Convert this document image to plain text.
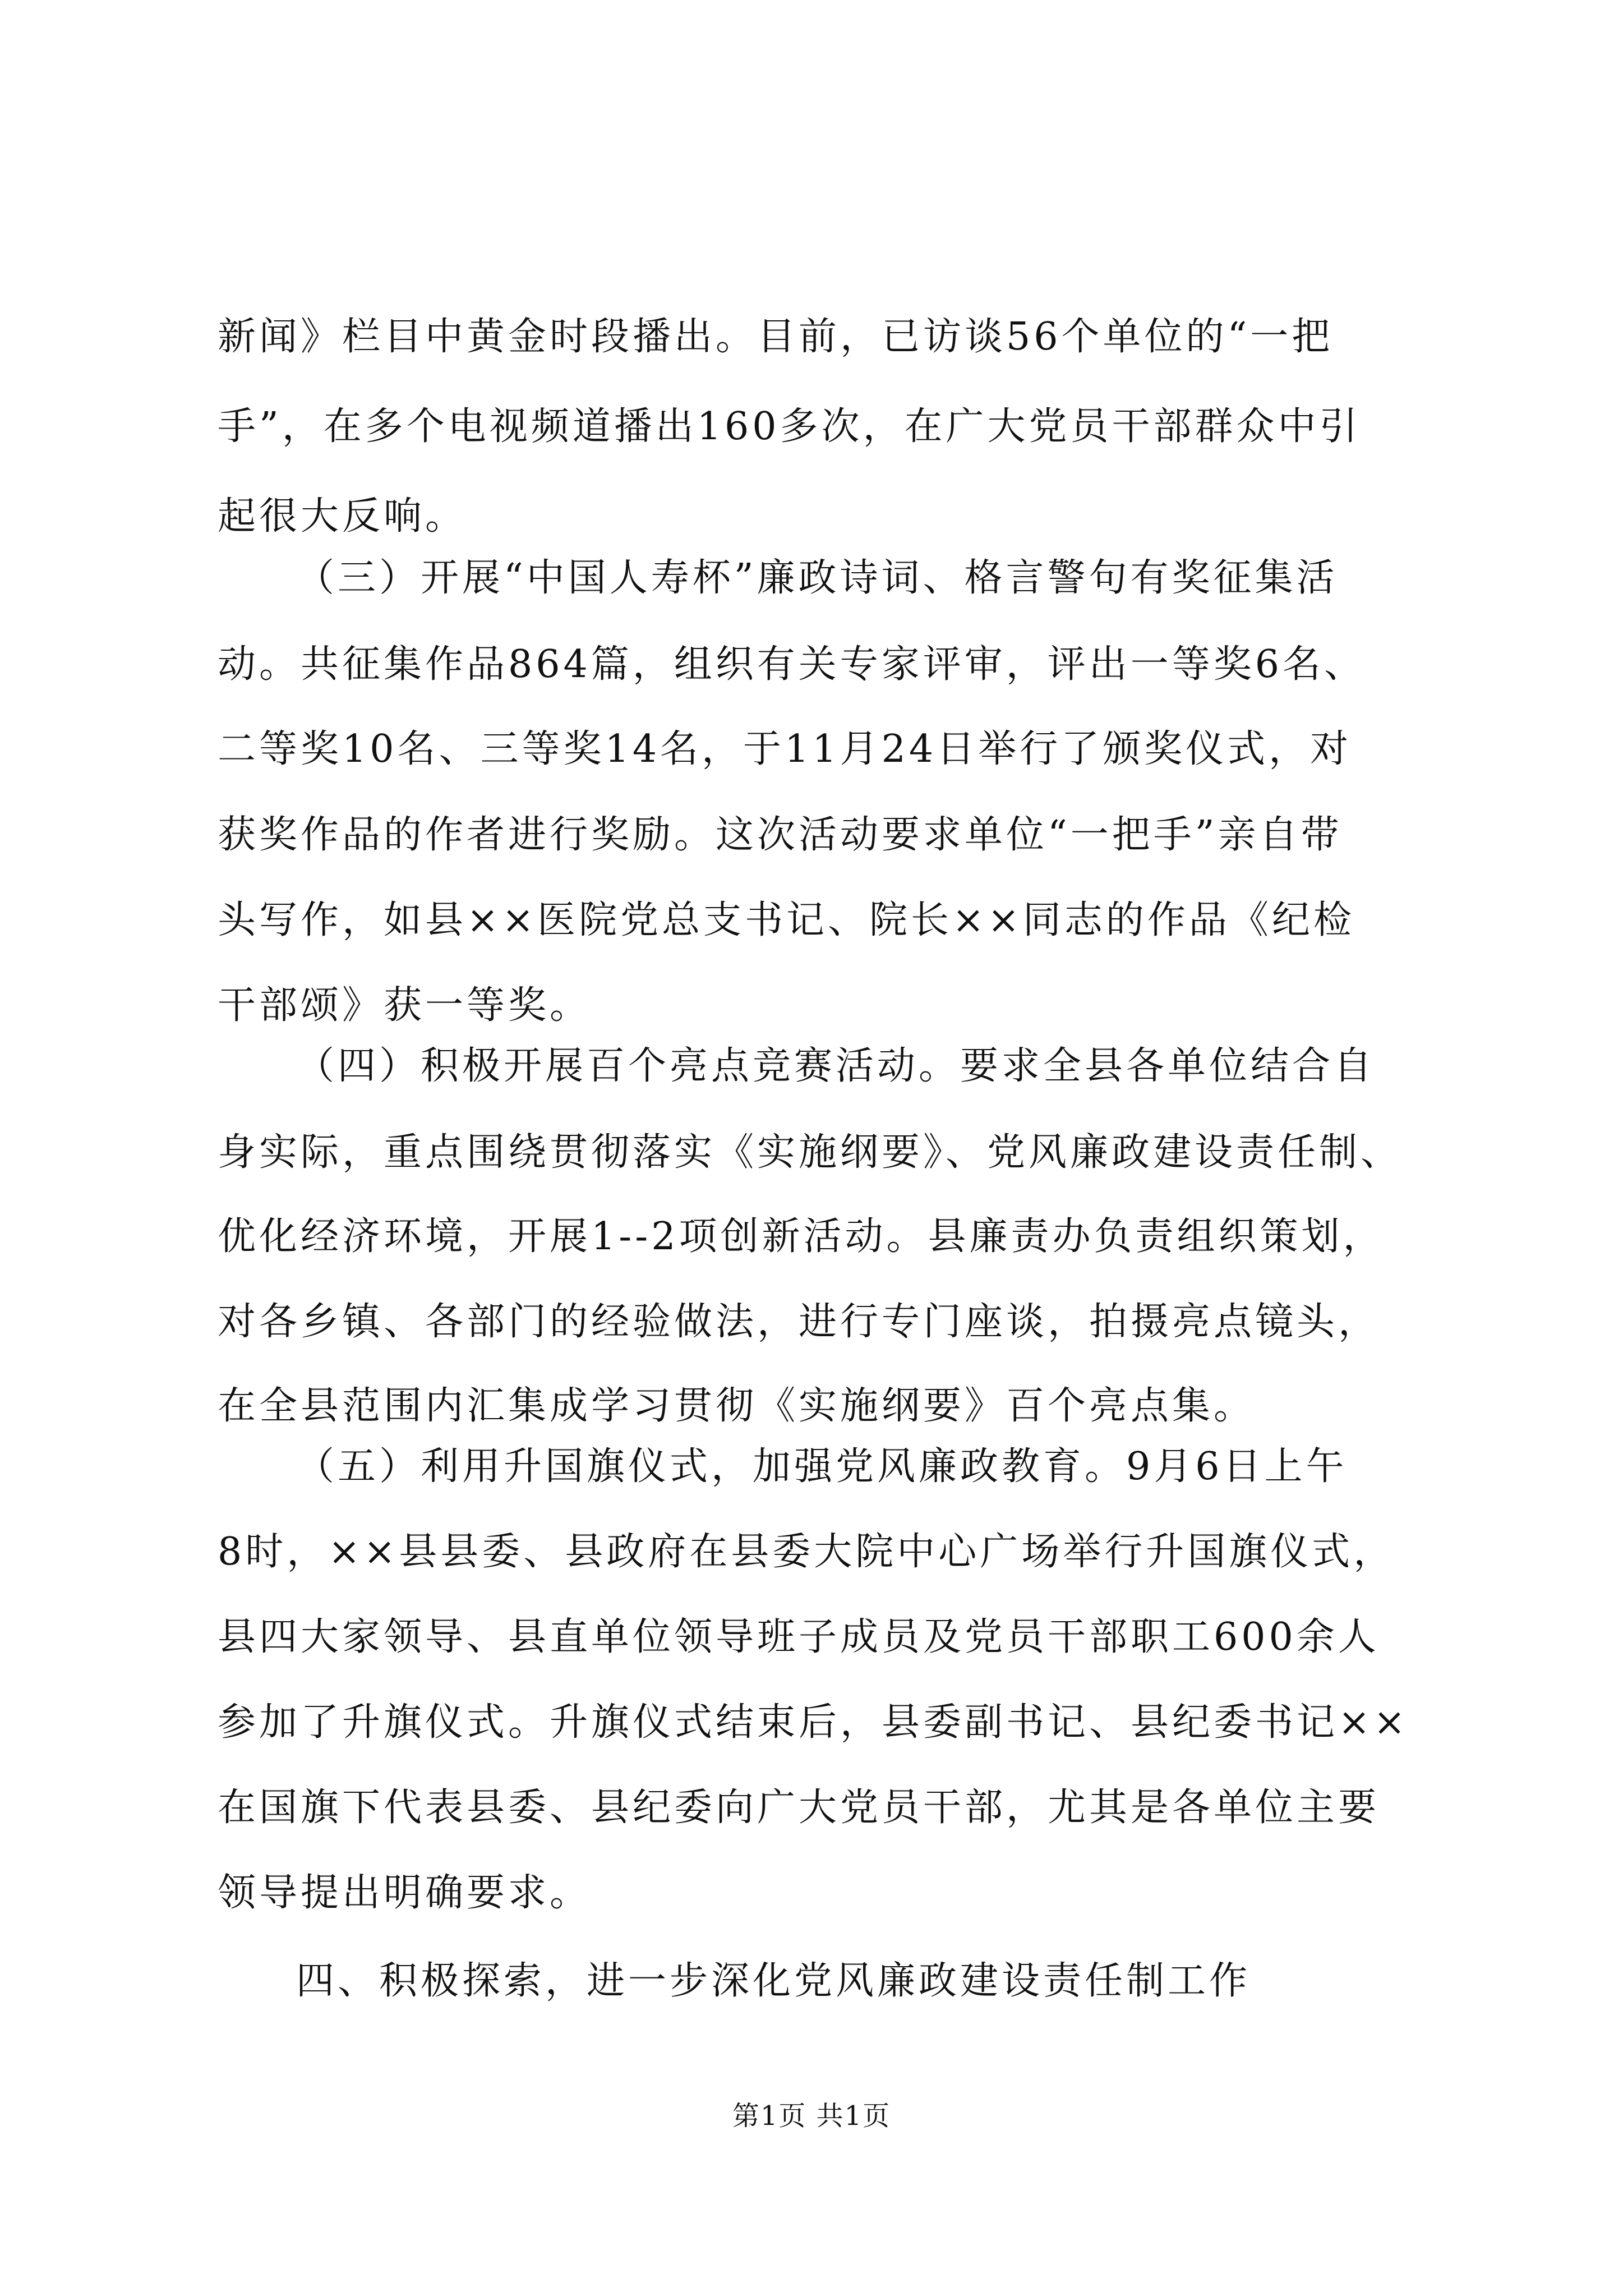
新闻》栏目中黄金时段播出。目前，已访谈56个单位的“一把
手”，在多个电视频道播出160多次，在广大党员干部群众中引
起很大反响。
（三）开展“中国人寿杯”廉政诗词、格言警句有奖征集活
动。共征集作品864篇，组织有关专家评审，评出一等奖6名、
二等奖10名、三等奖14名，于11月24日举行了颁奖仪式，对
获奖作品的作者进行奖励。这次活动要求单位“一把手”亲自带
头写作，如县××医院党总支书记、院长××同志的作品《纪检
干部颂》获一等奖。
（四）积极开展百个亮点竞赛活动。要求全县各单位结合自
身实际，重点围绕贯彻落实《实施纲要》、党风廉政建设责任制、
优化经济环境，开展1--2项创新活动。县廉责办负责组织策划，
对各乡镇、各部门的经验做法，进行专门座谈，拍摄亮点镜头，
在全县范围内汇集成学习贯彻《实施纲要》百个亮点集。
（五）利用升国旗仪式，加强党风廉政教育。9月6日上午
8时，××县县委、县政府在县委大院中心广场举行升国旗仪式，
县四大家领导、县直单位领导班子成员及党员干部职工600余人
参加了升旗仪式。升旗仪式结束后，县委副书记、县纪委书记××
在国旗下代表县委、县纪委向广大党员干部，尤其是各单位主要
领导提出明确要求。
四、积极探索，进一步深化党风廉政建设责任制工作
第1页 共1页
